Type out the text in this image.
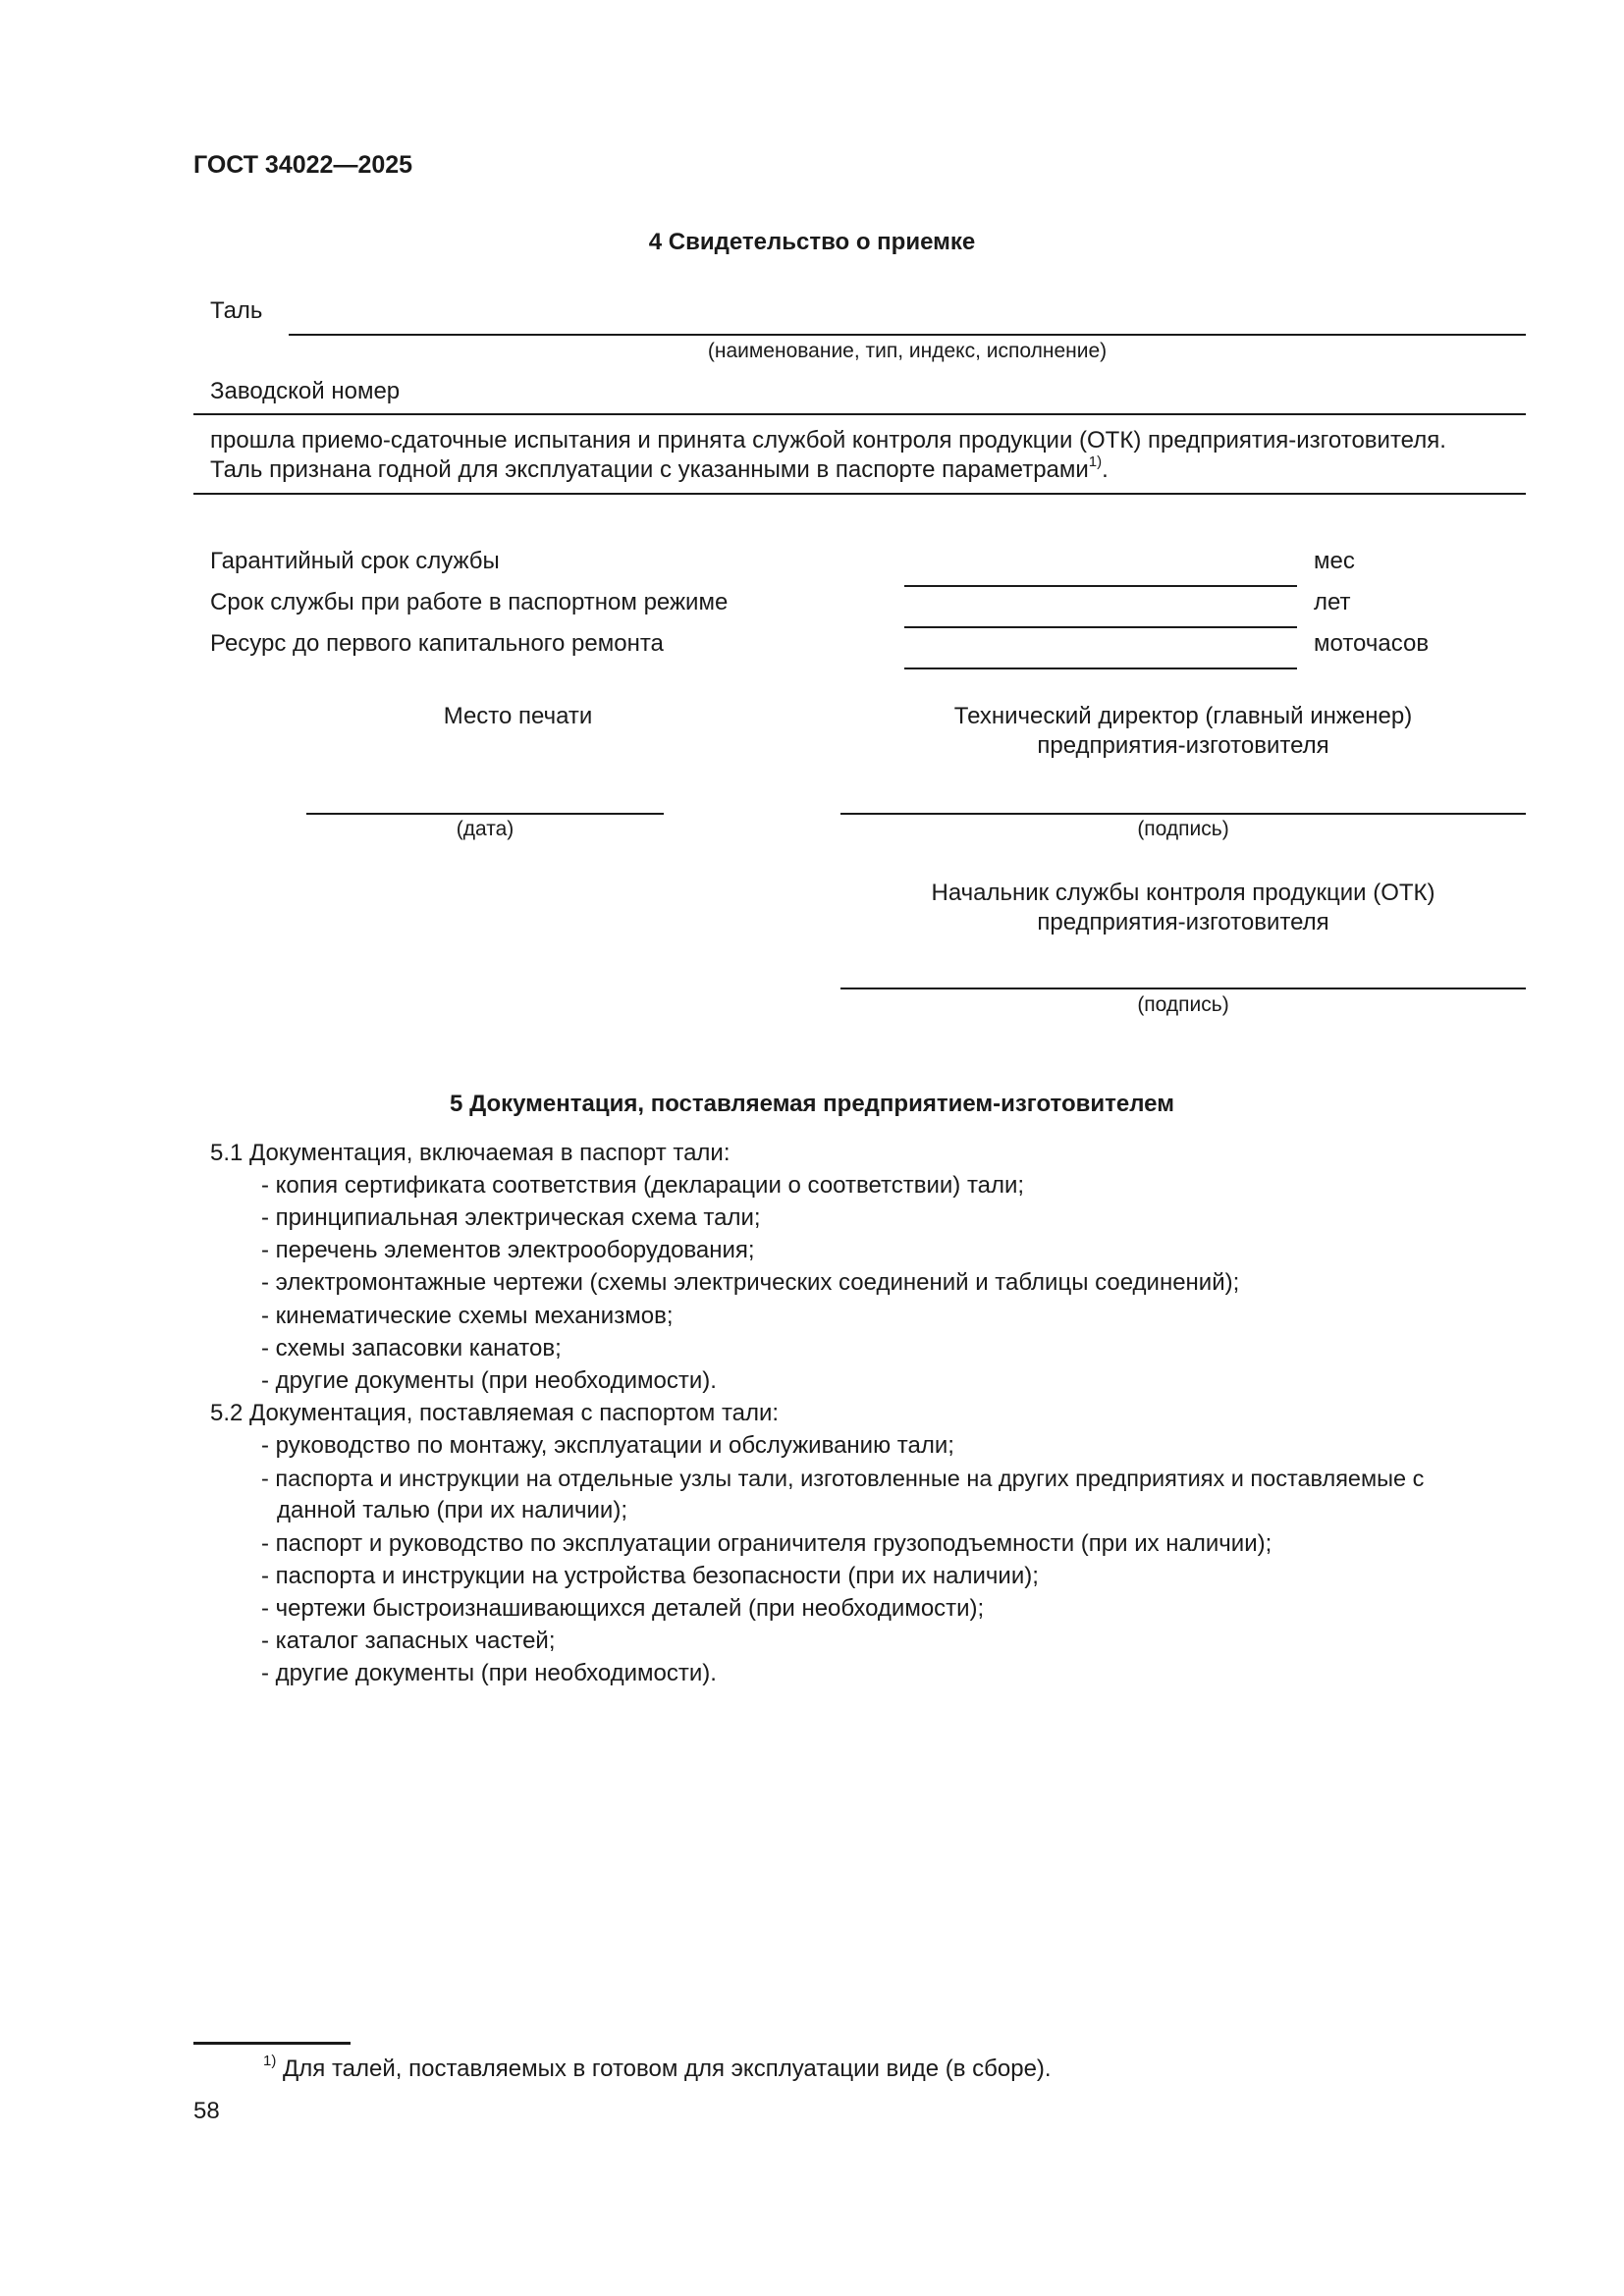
ГОСТ 34022—2025
4 Свидетельство о приемке
Таль
(наименование, тип, индекс, исполнение)
Заводской номер
прошла приемо-сдаточные испытания и принята службой контроля продукции (ОТК) предприятия-изготовителя.
Таль признана годной для эксплуатации с указанными в паспорте параметрами$^{1)}$.
Гарантийный срок службы	мес
Срок службы при работе в паспортном режиме	лет
Ресурс до первого капитального ремонта	моточасов
Место печати	Технический директор (главный инженер)
предприятия-изготовителя
(дата)	(подпись)
Начальник службы контроля продукции (ОТК)
предприятия-изготовителя
(подпись)
5 Документация, поставляемая предприятием-изготовителем
5.1 Документация, включаемая в паспорт тали:
- копия сертификата соответствия (декларации о соответствии) тали;
- принципиальная электрическая схема тали;
- перечень элементов электрооборудования;
- электромонтажные чертежи (схемы электрических соединений и таблицы соединений);
- кинематические схемы механизмов;
- схемы запасовки канатов;
- другие документы (при необходимости).
5.2 Документация, поставляемая с паспортом тали:
- руководство по монтажу, эксплуатации и обслуживанию тали;
- паспорта и инструкции на отдельные узлы тали, изготовленные на других предприятиях и поставляемые с
данной талью (при их наличии);
- паспорт и руководство по эксплуатации ограничителя грузоподъемности (при их наличии);
- паспорта и инструкции на устройства безопасности (при их наличии);
- чертежи быстроизнашивающихся деталей (при необходимости);
- каталог запасных частей;
- другие документы (при необходимости).
$^{1)}$ Для талей, поставляемых в готовом для эксплуатации виде (в сборе).
58
